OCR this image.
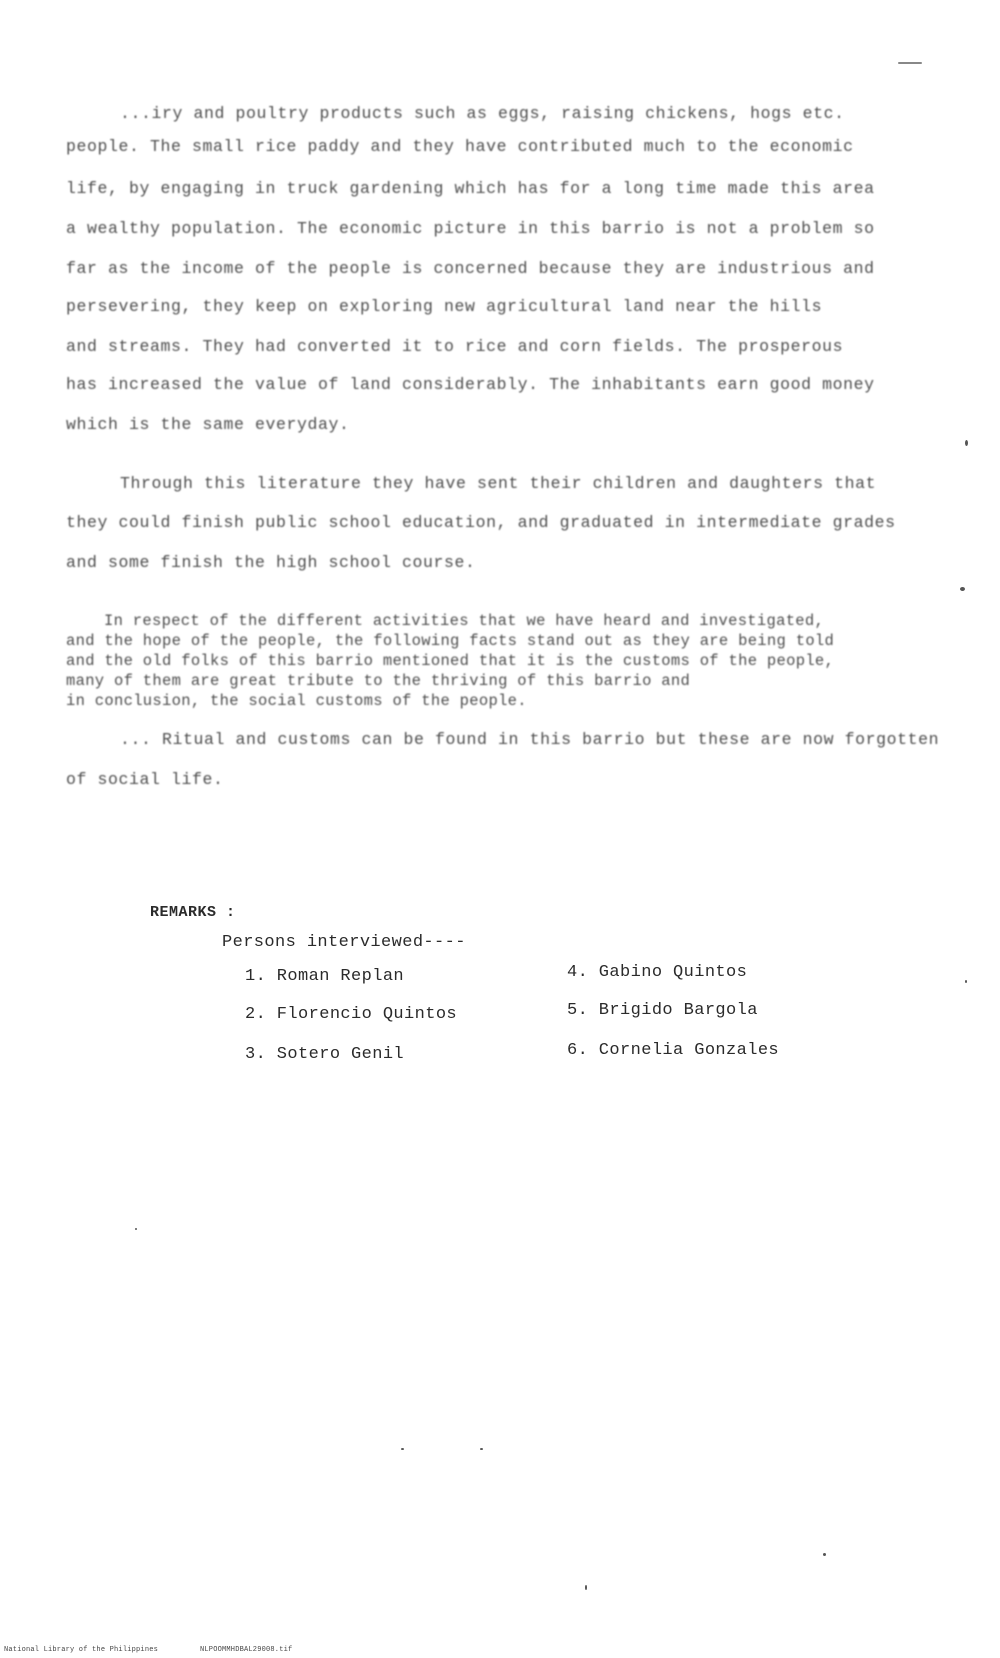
...iry and poultry products such as eggs, raising chickens, hogs etc.
people. The small rice paddy and they have contributed much to the economic
life, by engaging in truck gardening which has for a long time made this area
a wealthy population. The economic picture in this barrio is not a problem so
far as the income of the people is concerned because they are industrious and
persevering, they keep on exploring new agricultural land near the hills
and streams. They had converted it to rice and corn fields. The prosperous
has increased the value of land considerably. The inhabitants earn good money
which is the same everyday.
Through this literature they have sent their children and daughters that
they could finish public school education, and graduated in intermediate grades
and some finish the high school course.
In respect of the different activities that we have heard and investigated,
and the hope of the people, the following facts stand out as they are being told
and the old folks of this barrio mentioned that it is the customs of the people,
many of them are great tribute to the thriving of this barrio and
in conclusion, the social customs of the people.
... Ritual and customs can be found in this barrio but these are now forgotten
of social life.
REMARKS :
Persons interviewed----
1. Roman Replan
2. Florencio Quintos
3. Sotero Genil
4. Gabino Quintos
5. Brigido Bargola
6. Cornelia Gonzales
National Library of the Philippines	NLPOOMMHDBAL29008.tif
